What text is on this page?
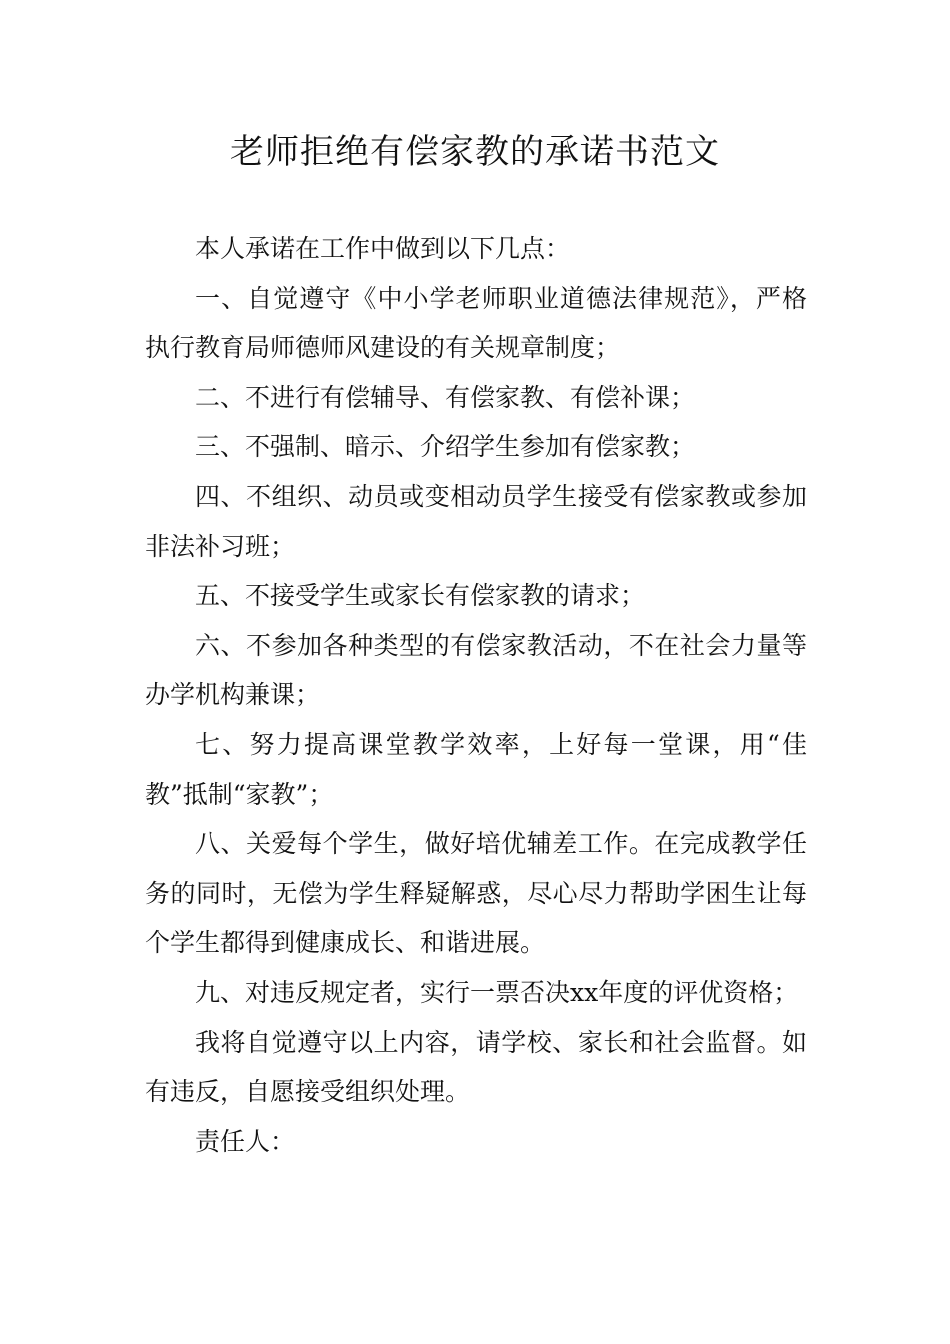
老师拒绝有偿家教的承诺书范文

本人承诺在工作中做到以下几点：

一、自觉遵守《中小学老师职业道德法律规范》，严格执行教育局师德师风建设的有关规章制度；

二、不进行有偿辅导、有偿家教、有偿补课；

三、不强制、暗示、介绍学生参加有偿家教；

四、不组织、动员或变相动员学生接受有偿家教或参加非法补习班；

五、不接受学生或家长有偿家教的请求；

六、不参加各种类型的有偿家教活动，不在社会力量等办学机构兼课；

七、努力提高课堂教学效率，上好每一堂课，用“佳教”抵制“家教”；

八、关爱每个学生，做好培优辅差工作。在完成教学任务的同时，无偿为学生释疑解惑，尽心尽力帮助学困生让每个学生都得到健康成长、和谐进展。

九、对违反规定者，实行一票否决xx年度的评优资格；

我将自觉遵守以上内容，请学校、家长和社会监督。如有违反，自愿接受组织处理。

责任人：
